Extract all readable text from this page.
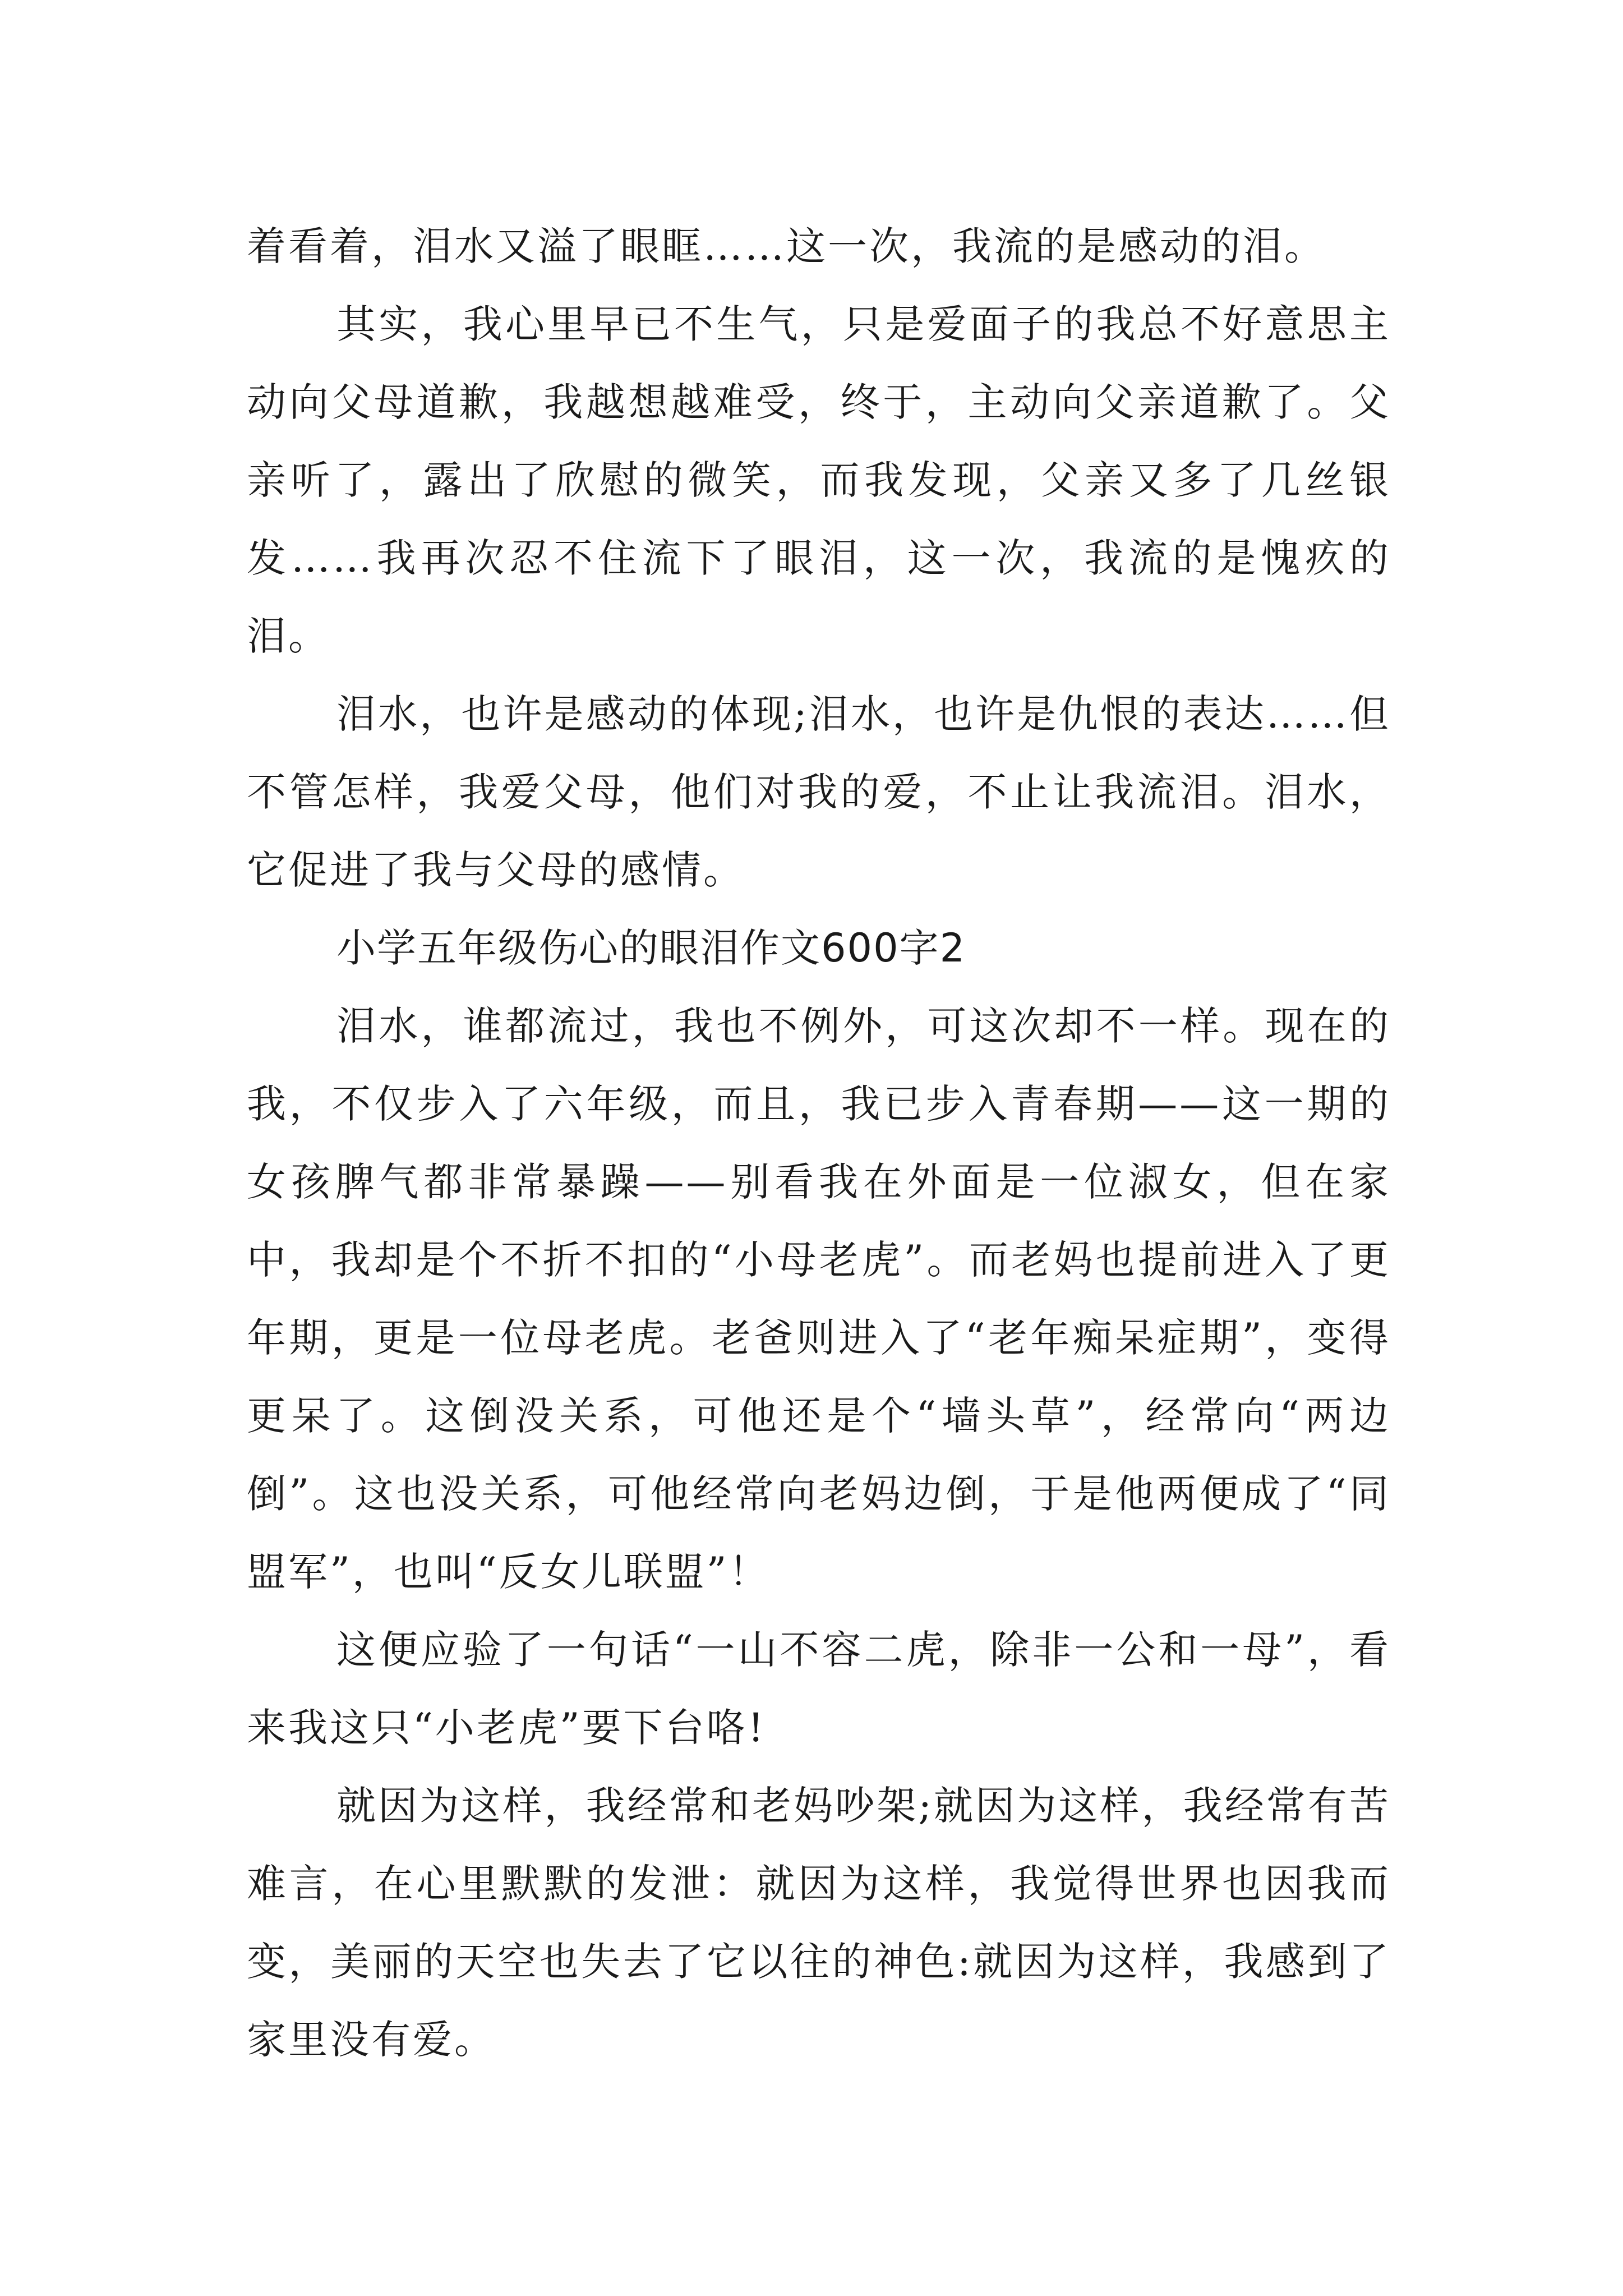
着看着，泪水又溢了眼眶……这一次，我流的是感动的泪。

其实，我心里早已不生气，只是爱面子的我总不好意思主动向父母道歉，我越想越难受，终于，主动向父亲道歉了。父亲听了，露出了欣慰的微笑，而我发现，父亲又多了几丝银发……我再次忍不住流下了眼泪，这一次，我流的是愧疚的泪。

泪水，也许是感动的体现;泪水，也许是仇恨的表达……但不管怎样，我爱父母，他们对我的爱，不止让我流泪。泪水，它促进了我与父母的感情。

小学五年级伤心的眼泪作文600字2

泪水，谁都流过，我也不例外，可这次却不一样。现在的我，不仅步入了六年级，而且，我已步入青春期——这一期的女孩脾气都非常暴躁——别看我在外面是一位淑女，但在家中，我却是个不折不扣的“小母老虎”。而老妈也提前进入了更年期，更是一位母老虎。老爸则进入了“老年痴呆症期”，变得更呆了。这倒没关系，可他还是个“墙头草”，经常向“两边倒”。这也没关系，可他经常向老妈边倒，于是他两便成了“同盟军”，也叫“反女儿联盟”！

这便应验了一句话“一山不容二虎，除非一公和一母”，看来我这只“小老虎”要下台咯!

就因为这样，我经常和老妈吵架;就因为这样，我经常有苦难言，在心里默默的发泄：就因为这样，我觉得世界也因我而变，美丽的天空也失去了它以往的神色:就因为这样，我感到了家里没有爱。
